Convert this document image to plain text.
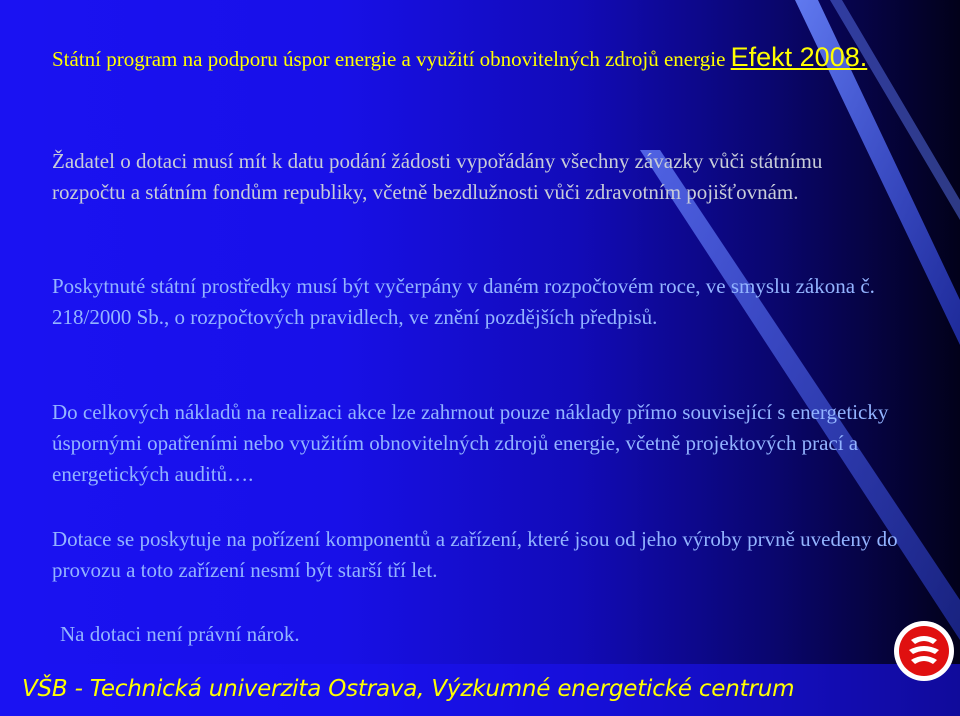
Státní program na podporu úspor energie a využití obnovitelných zdrojů energie Efekt 2008.

Žadatel o dotaci musí mít k datu podání žádosti vypořádány všechny závazky vůči státnímu rozpočtu a státním fondům republiky, včetně bezdlužnosti vůči zdravotním pojišťovnám.

Poskytnuté státní prostředky musí být vyčerpány v daném rozpočtovém roce, ve smyslu zákona č. 218/2000 Sb., o rozpočtových pravidlech, ve znění pozdějších předpisů.

Do celkových nákladů na realizaci akce lze zahrnout pouze náklady přímo související s energeticky úspornými opatřeními nebo využitím obnovitelných zdrojů energie, včetně projektových prací a energetických auditů….

Dotace se poskytuje na pořízení komponentů a zařízení, které jsou od jeho výroby prvně uvedeny do provozu a toto zařízení nesmí být starší tří let.

Na dotaci není právní nárok.

VŠB - Technická univerzita Ostrava, Výzkumné energetické centrum
